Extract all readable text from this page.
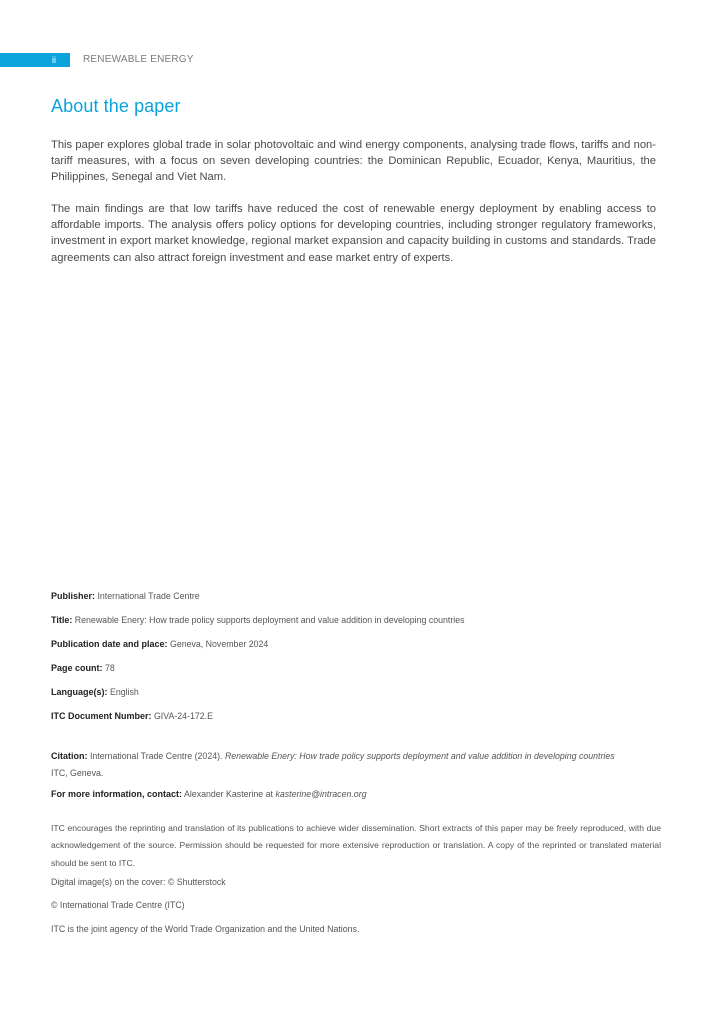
ii	RENEWABLE ENERGY
About the paper

This paper explores global trade in solar photovoltaic and wind energy components, analysing trade flows, tariffs and non-tariff measures, with a focus on seven developing countries: the Dominican Republic, Ecuador, Kenya, Mauritius, the Philippines, Senegal and Viet Nam.

The main findings are that low tariffs have reduced the cost of renewable energy deployment by enabling access to affordable imports. The analysis offers policy options for developing countries, including stronger regulatory frameworks, investment in export market knowledge, regional market expansion and capacity building in customs and standards. Trade agreements can also attract foreign investment and ease market entry of experts.

Publisher: International Trade Centre

Title: Renewable Enery: How trade policy supports deployment and value addition in developing countries

Publication date and place: Geneva, November 2024

Page count: 78

Language(s): English

ITC Document Number: GIVA-24-172.E

Citation: International Trade Centre (2024). Renewable Enery: How trade policy supports deployment and value addition in developing countries
ITC, Geneva.

For more information, contact: Alexander Kasterine at kasterine@intracen.org

ITC encourages the reprinting and translation of its publications to achieve wider dissemination. Short extracts of this paper may be freely reproduced, with due acknowledgement of the source. Permission should be requested for more extensive reproduction or translation. A copy of the reprinted or translated material should be sent to ITC.

Digital image(s) on the cover: © Shutterstock

© International Trade Centre (ITC)

ITC is the joint agency of the World Trade Organization and the United Nations.
